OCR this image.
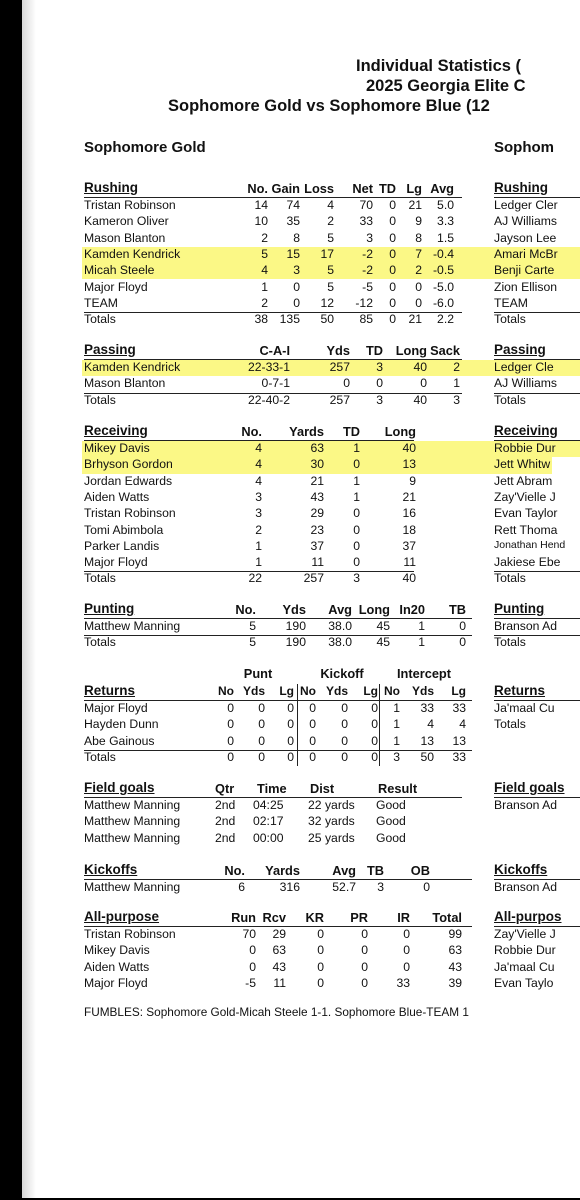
Individual Statistics (
2025 Georgia Elite C
Sophomore Gold vs Sophomore Blue (12
Sophomore Gold	Sophom
Rushing	No. Gain Loss	Net TD Lg Avg	Rushing
Tristan Robinson	14	74	4	70	0	21	5.0
Kameron Oliver	10	35	2	33	0	9	3.3
Mason Blanton	2	8	5	3	0	8	1.5
Kamden Kendrick	5	15	17	-2	0	7 -0.4
Micah Steele	4	3	5	-2	0	2 -0.5
Major Floyd	1	0	5	-5	0	0 -5.0
TEAM	2	0	12	-12	0	0 -6.0
Totals	38 135	50	85	0	21	2.2
Ledger Cler
AJ Williams
Jayson Lee
Amari McBr
Benji Carte
Zion Ellison
TEAM
Totals
Passing	C-A-I	Yds	TD Long Sack	Passing
Kamden Kendrick	22-33-1	257	3	40	2
Mason Blanton	0-7-1	0	0	0	1
Totals	22-40-2	257	3	40	3
Ledger Cle
AJ Williams
Totals
Receiving	No.	Yards	TD	Long	Receiving
Mikey Davis	4	63	1	40
Brhyson Gordon	4	30	0	13
Jordan Edwards	4	21	1	9
Aiden Watts	3	43	1	21
Tristan Robinson	3	29	0	16
Tomi Abimbola	2	23	0	18
Parker Landis	1	37	0	37
Major Floyd	1	11	0	11
Totals	22	257	3	40
Robbie Dur
Jett Whitw
Jett Abram
Zay'Vielle J
Evan Taylor
Rett Thoma
Jonathan Hend
Jakiese Ebe
Totals
Punting	No.	Yds	Avg Long In20	TB Punting
Matthew Manning	5	190	38.0	45	1	0
Totals	5	190	38.0	45	1	0
Branson Ad
Totals
Punt	Kickoff	Intercept
Returns	Returns
No Yds	Lg No Yds	Lg No Yds	Lg
Major Floyd	0	0	0	0	0	0	1	33	33
Hayden Dunn	0	0	0	0	0	0	1	4	4
Abe Gainous	0	0	0	0	0	0	1	13	13
Totals	0	0	0	0	0	0	3	50	33
Ja'maal Cu
Totals
Field goals	Field goals
Qtr Time Dist	Result
Matthew Manning	2nd 04:25 22 yards Good
Matthew Manning	2nd 02:17 32 yards Good
Matthew Manning	2nd 00:00 25 yards Good
Branson Ad
Kickoffs	No.	Yards	Avg TB	OB	Kickoffs
Matthew Manning	6	316	52.7	3	0	Branson Ad
All-purpose	Run Rcv	KR	PR	IR	Total All-purpos
Tristan Robinson	70	29	0	0	0	99
Mikey Davis	0	63	0	0	0	63
Aiden Watts	0	43	0	0	0	43
Major Floyd	-5	11	0	0	33	39
Zay'Vielle J
Robbie Dur
Ja'maal Cu
Evan Taylo
FUMBLES: Sophomore Gold-Micah Steele 1-1. Sophomore Blue-TEAM 1
